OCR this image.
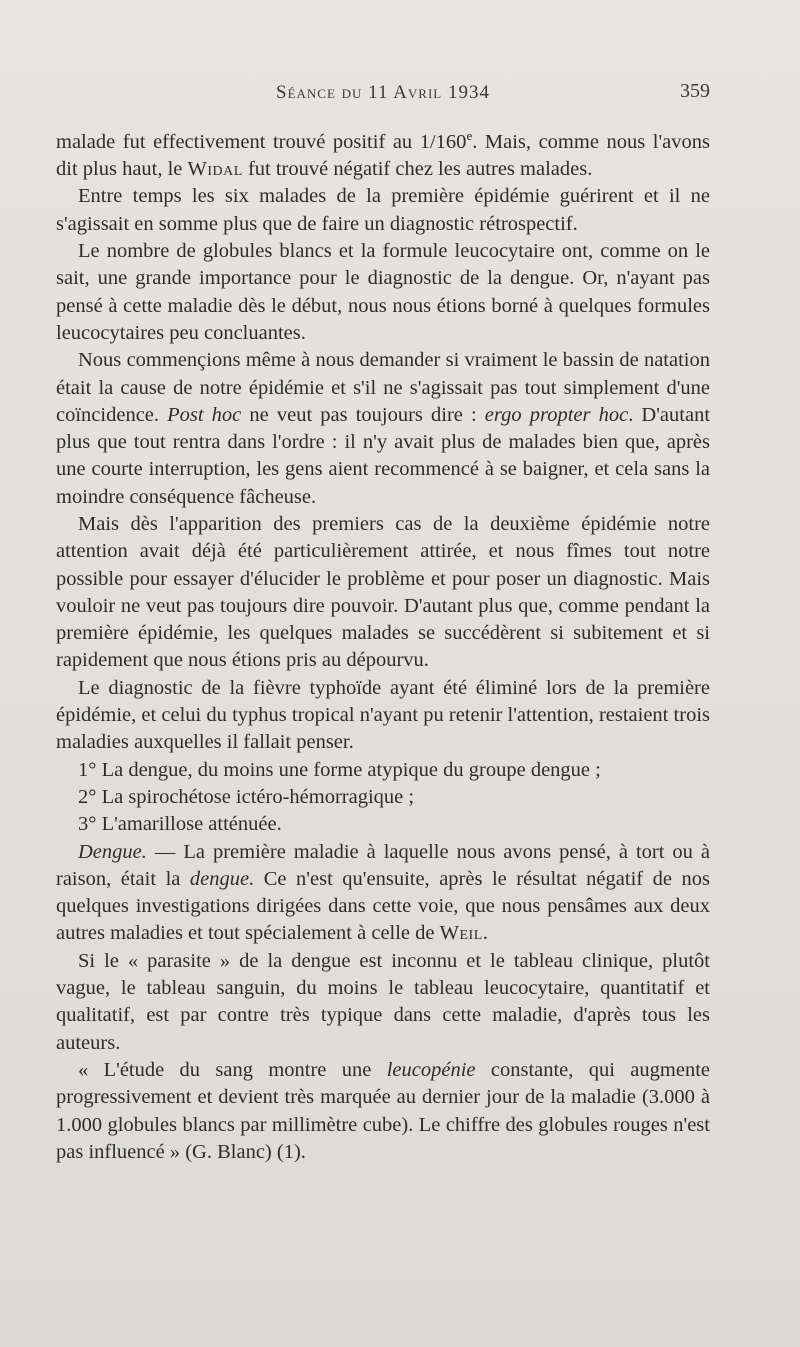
Séance du 11 Avril 1934	359

malade fut effectivement trouvé positif au 1/160e. Mais, comme nous l'avons dit plus haut, le Widal fut trouvé négatif chez les autres malades.

Entre temps les six malades de la première épidémie guérirent et il ne s'agissait en somme plus que de faire un diagnostic rétrospectif.

Le nombre de globules blancs et la formule leucocytaire ont, comme on le sait, une grande importance pour le diagnostic de la dengue. Or, n'ayant pas pensé à cette maladie dès le début, nous nous étions borné à quelques formules leucocytaires peu concluantes.

Nous commençions même à nous demander si vraiment le bassin de natation était la cause de notre épidémie et s'il ne s'agissait pas tout simplement d'une coïncidence. Post hoc ne veut pas toujours dire : ergo propter hoc. D'autant plus que tout rentra dans l'ordre : il n'y avait plus de malades bien que, après une courte interruption, les gens aient recommencé à se baigner, et cela sans la moindre conséquence fâcheuse.

Mais dès l'apparition des premiers cas de la deuxième épidémie notre attention avait déjà été particulièrement attirée, et nous fîmes tout notre possible pour essayer d'élucider le problème et pour poser un diagnostic. Mais vouloir ne veut pas toujours dire pouvoir. D'autant plus que, comme pendant la première épidémie, les quelques malades se succédèrent si subitement et si rapidement que nous étions pris au dépourvu.

Le diagnostic de la fièvre typhoïde ayant été éliminé lors de la première épidémie, et celui du typhus tropical n'ayant pu retenir l'attention, restaient trois maladies auxquelles il fallait penser.

1° La dengue, du moins une forme atypique du groupe dengue ;

2° La spirochétose ictéro-hémorragique ;

3° L'amarillose atténuée.

Dengue. — La première maladie à laquelle nous avons pensé, à tort ou à raison, était la dengue. Ce n'est qu'ensuite, après le résultat négatif de nos quelques investigations dirigées dans cette voie, que nous pensâmes aux deux autres maladies et tout spécialement à celle de Weil.

Si le « parasite » de la dengue est inconnu et le tableau clinique, plutôt vague, le tableau sanguin, du moins le tableau leucocytaire, quantitatif et qualitatif, est par contre très typique dans cette maladie, d'après tous les auteurs.

« L'étude du sang montre une leucopénie constante, qui augmente progressivement et devient très marquée au dernier jour de la maladie (3.000 à 1.000 globules blancs par millimètre cube). Le chiffre des globules rouges n'est pas influencé » (G. Blanc) (1).
